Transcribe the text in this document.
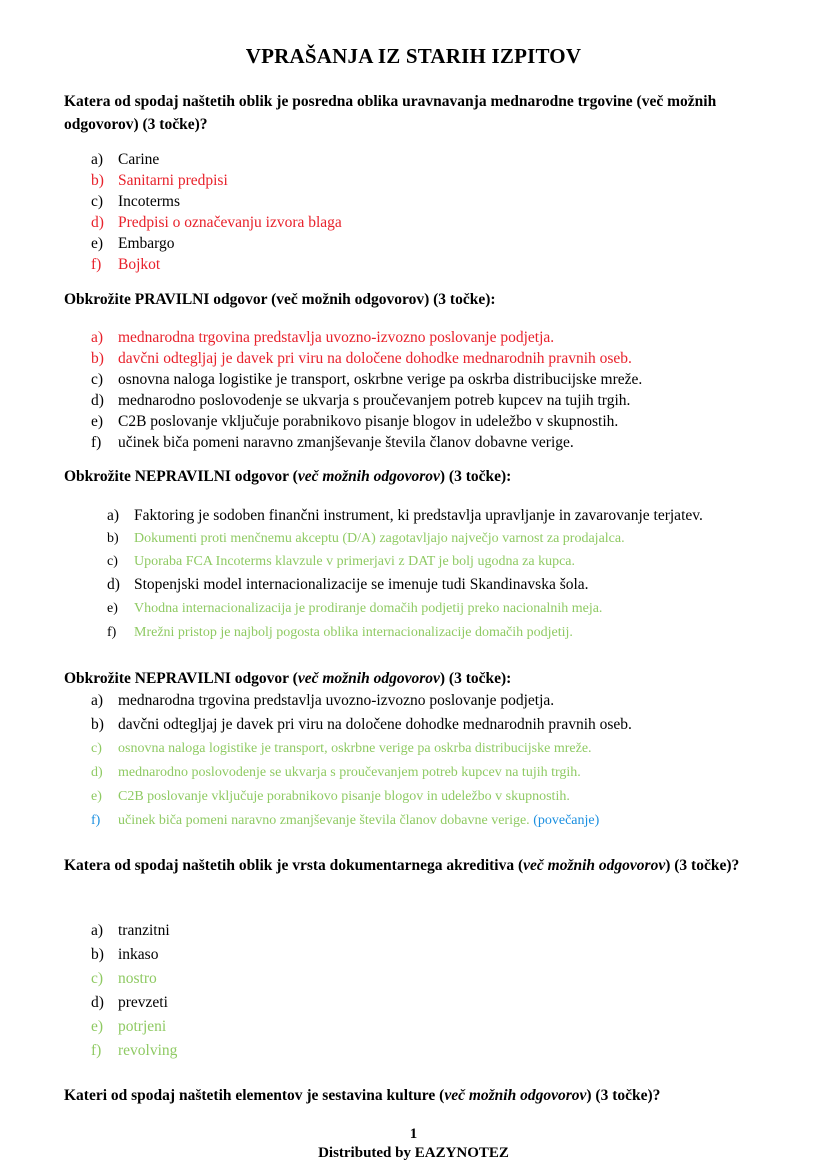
VPRAŠANJA IZ STARIH IZPITOV
Katera od spodaj naštetih oblik je posredna oblika uravnavanja mednarodne trgovine (več možnih odgovorov) (3 točke)?
a) Carine
b) Sanitarni predpisi
c) Incoterms
d) Predpisi o označevanju izvora blaga
e) Embargo
f) Bojkot
Obkrožite PRAVILNI odgovor (več možnih odgovorov) (3 točke):
a) mednarodna trgovina predstavlja uvozno-izvozno poslovanje podjetja.
b) davčni odtegljaj je davek pri viru na določene dohodke mednarodnih pravnih oseb.
c) osnovna naloga logistike je transport, oskrbne verige pa oskrba distribucijske mreže.
d) mednarodno poslovodenje se ukvarja s proučevanjem potreb kupcev na tujih trgih.
e) C2B poslovanje vključuje porabnikovo pisanje blogov in udeležbo v skupnostih.
f) učinek biča pomeni naravno zmanjševanje števila članov dobavne verige.
Obkrožite NEPRAVILNI odgovor (več možnih odgovorov) (3 točke):
a) Faktoring je sodoben finančni instrument, ki predstavlja upravljanje in zavarovanje terjatev.
b) Dokumenti proti menčnemu akceptu (D/A) zagotavljajo največjo varnost za prodajalca.
c) Uporaba FCA Incoterms klavzule v primerjavi z DAT je bolj ugodna za kupca.
d) Stopenjski model internacionalizacije se imenuje tudi Skandinavska šola.
e) Vhodna internacionalizacija je prodiranje domačih podjetij preko nacionalnih meja.
f) Mrežni pristop je najbolj pogosta oblika internacionalizacije domačih podjetij.
Obkrožite NEPRAVILNI odgovor (več možnih odgovorov) (3 točke):
a) mednarodna trgovina predstavlja uvozno-izvozno poslovanje podjetja.
b) davčni odtegljaj je davek pri viru na določene dohodke mednarodnih pravnih oseb.
c) osnovna naloga logistike je transport, oskrbne verige pa oskrba distribucijske mreže.
d) mednarodno poslovodenje se ukvarja s proučevanjem potreb kupcev na tujih trgih.
e) C2B poslovanje vključuje porabnikovo pisanje blogov in udeležbo v skupnostih.
f) učinek biča pomeni naravno zmanjševanje števila članov dobavne verige. (povečanje)
Katera od spodaj naštetih oblik je vrsta dokumentarnega akreditiva (več možnih odgovorov) (3 točke)?
a) tranzitni
b) inkaso
c) nostro
d) prevzeti
e) potrjeni
f) revolving
Kateri od spodaj naštetih elementov je sestavina kulture (več možnih odgovorov) (3 točke)?
1
Distributed by EAZYNOTEZ
